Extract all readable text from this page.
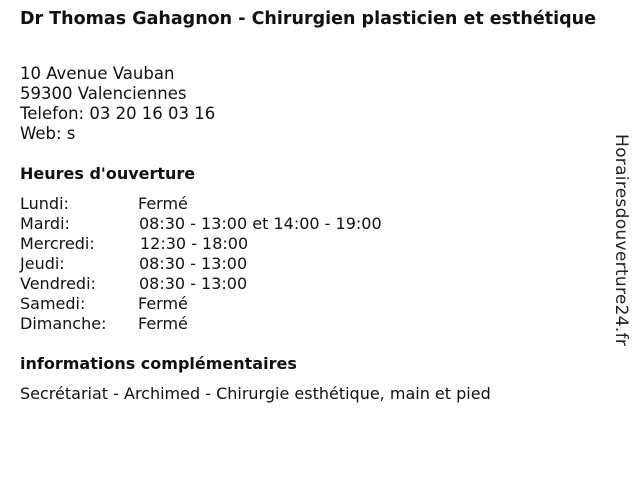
Dr Thomas Gahagnon - Chirurgien plasticien et esthétique
10 Avenue Vauban
59300 Valenciennes
Telefon: 03 20 16 03 16
Web: s
Heures d'ouverture
Lundi:	Fermé
Mardi:	08:30 - 13:00 et 14:00 - 19:00
Mercredi:	12:30 - 18:00
Jeudi:	08:30 - 13:00
Vendredi:	08:30 - 13:00
Samedi:	Fermé
Dimanche: Fermé
informations complémentaires
Secrétariat - Archimed - Chirurgie esthétique, main et pied
Horairesdouverture24.fr
